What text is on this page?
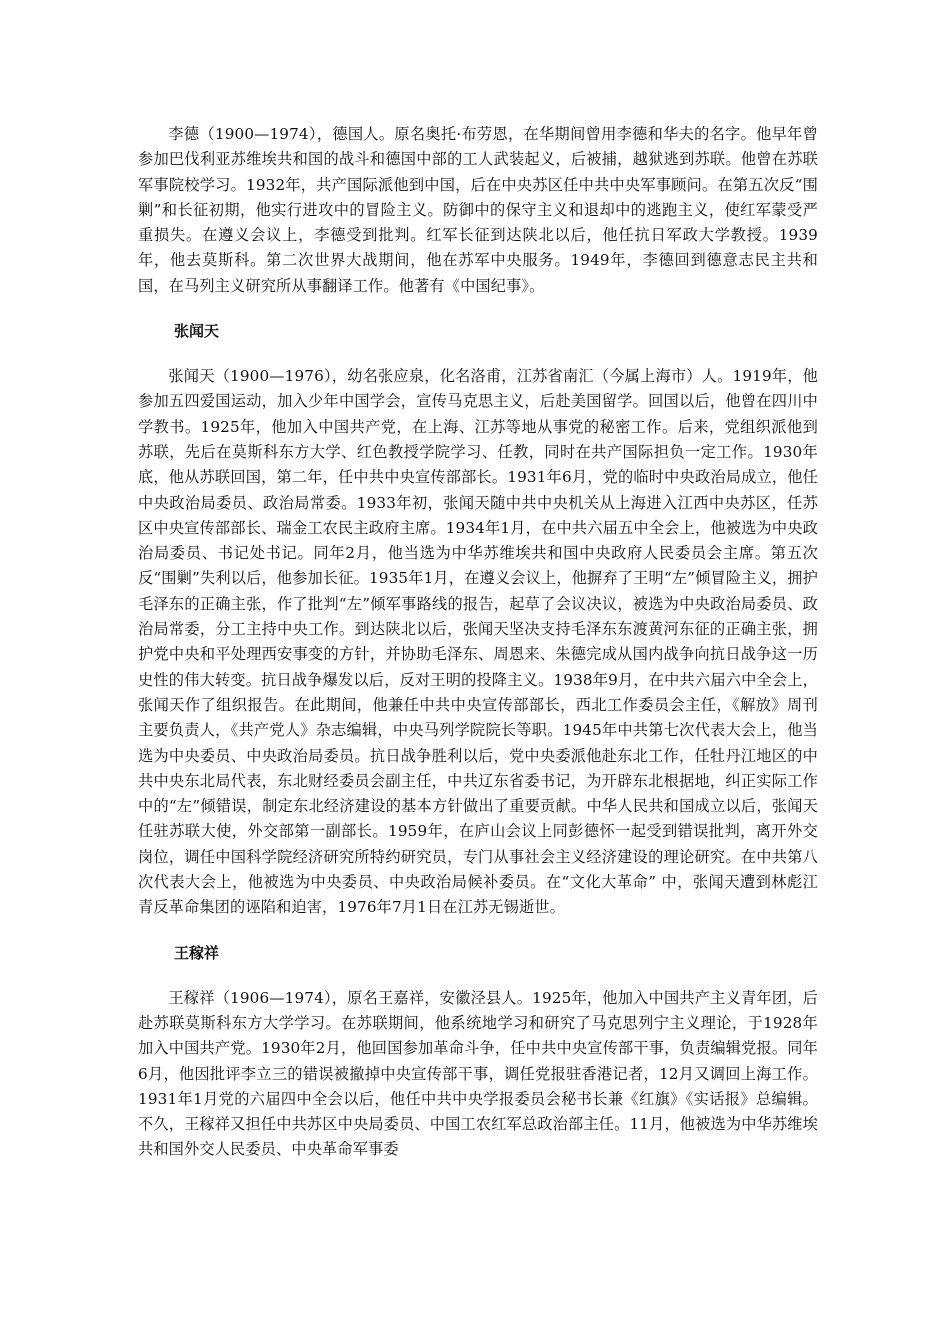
李德（1900—1974），德国人。原名奥托·布劳恩，在华期间曾用李德和华夫的名字。他早年曾参加巴伐利亚苏维埃共和国的战斗和德国中部的工人武装起义，后被捕，越狱逃到苏联。他曾在苏联军事院校学习。1932年，共产国际派他到中国，后在中央苏区任中共中央军事顾问。在第五次反“围剿”和长征初期，他实行进攻中的冒险主义。防御中的保守主义和退却中的逃跑主义，使红军蒙受严重损失。在遵义会议上，李德受到批判。红军长征到达陕北以后，他任抗日军政大学教授。1939年，他去莫斯科。第二次世界大战期间，他在苏军中央服务。1949年，李德回到德意志民主共和国，在马列主义研究所从事翻译工作。他著有《中国纪事》。

张闻天

张闻天（1900—1976），幼名张应泉，化名洛甫，江苏省南汇（今属上海市）人。1919年，他参加五四爱国运动，加入少年中国学会，宣传马克思主义，后赴美国留学。回国以后，他曾在四川中学教书。1925年，他加入中国共产党，在上海、江苏等地从事党的秘密工作。后来，党组织派他到苏联，先后在莫斯科东方大学、红色教授学院学习、任教，同时在共产国际担负一定工作。1930年底，他从苏联回国，第二年，任中共中央宣传部部长。1931年6月，党的临时中央政治局成立，他任中央政治局委员、政治局常委。1933年初，张闻天随中共中央机关从上海进入江西中央苏区，任苏区中央宣传部部长、瑞金工农民主政府主席。1934年1月，在中共六届五中全会上，他被选为中央政治局委员、书记处书记。同年2月，他当选为中华苏维埃共和国中央政府人民委员会主席。第五次反“围剿”失利以后，他参加长征。1935年1月，在遵义会议上，他摒弃了王明“左”倾冒险主义，拥护毛泽东的正确主张，作了批判“左”倾军事路线的报告，起草了会议决议，被选为中央政治局委员、政治局常委，分工主持中央工作。到达陕北以后，张闻天坚决支持毛泽东东渡黄河东征的正确主张，拥护党中央和平处理西安事变的方针，并协助毛泽东、周恩来、朱德完成从国内战争向抗日战争这一历史性的伟大转变。抗日战争爆发以后，反对王明的投降主义。1938年9月，在中共六届六中全会上，张闻天作了组织报告。在此期间，他兼任中共中央宣传部部长，西北工作委员会主任，《解放》周刊主要负责人，《共产党人》杂志编辑，中央马列学院院长等职。1945年中共第七次代表大会上，他当选为中央委员、中央政治局委员。抗日战争胜利以后，党中央委派他赴东北工作，任牡丹江地区的中共中央东北局代表，东北财经委员会副主任，中共辽东省委书记，为开辟东北根据地，纠正实际工作中的“左”倾错误，制定东北经济建设的基本方针做出了重要贡献。中华人民共和国成立以后，张闻天任驻苏联大使，外交部第一副部长。1959年，在庐山会议上同彭德怀一起受到错误批判，离开外交岗位，调任中国科学院经济研究所特约研究员，专门从事社会主义经济建设的理论研究。在中共第八次代表大会上，他被选为中央委员、中央政治局候补委员。在“文化大革命” 中，张闻天遭到林彪江青反革命集团的诬陷和迫害，1976年7月1日在江苏无锡逝世。

王稼祥

王稼祥（1906—1974），原名王嘉祥，安徽泾县人。1925年，他加入中国共产主义青年团，后赴苏联莫斯科东方大学学习。在苏联期间，他系统地学习和研究了马克思列宁主义理论，于1928年加入中国共产党。1930年2月，他回国参加革命斗争，任中共中央宣传部干事，负责编辑党报。同年6月，他因批评李立三的错误被撤掉中央宣传部干事，调任党报驻香港记者，12月又调回上海工作。1931年1月党的六届四中全会以后，他任中共中央学报委员会秘书长兼《红旗》《实话报》总编辑。不久，王稼祥又担任中共苏区中央局委员、中国工农红军总政治部主任。11月，他被选为中华苏维埃共和国外交人民委员、中央革命军事委
